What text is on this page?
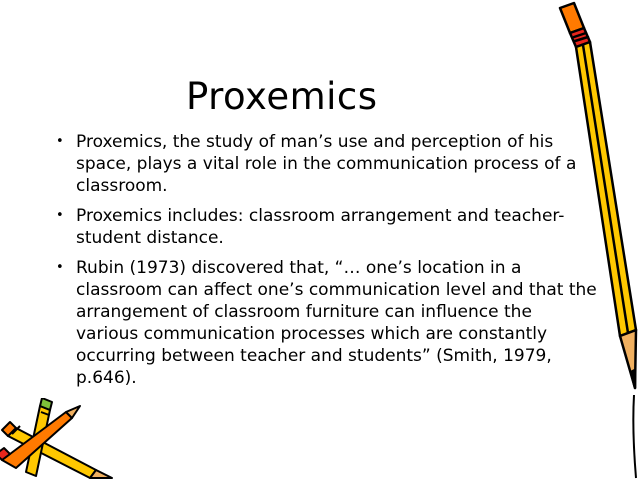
Proxemics
• Proxemics, the study of man’s use and perception of his
space, plays a vital role in the communication process of a
classroom.
• Proxemics includes: classroom arrangement and teacher-
student distance.
• Rubin (1973) discovered that, “… one’s location in a
classroom can affect one’s communication level and that the
arrangement of classroom furniture can influence the
various communication processes which are constantly
occurring between teacher and students” (Smith, 1979,
p.646).
